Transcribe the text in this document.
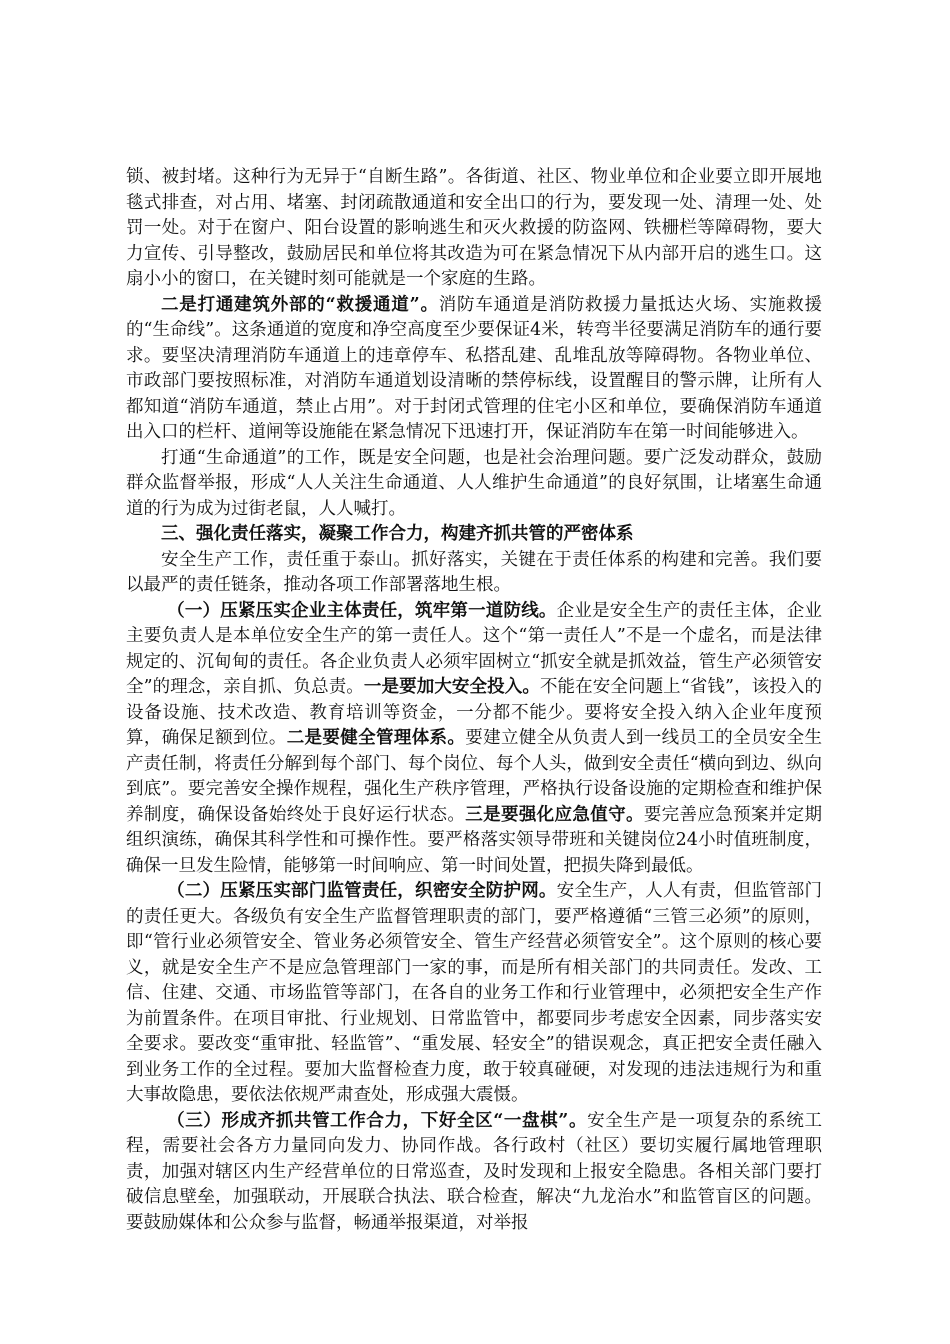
锁、被封堵。这种行为无异于“自断生路”。各街道、社区、物业单位和企业要立即开展地毯式排查，对占用、堵塞、封闭疏散通道和安全出口的行为，要发现一处、清理一处、处罚一处。对于在窗户、阳台设置的影响逃生和灭火救援的防盗网、铁栅栏等障碍物，要大力宣传、引导整改，鼓励居民和单位将其改造为可在紧急情况下从内部开启的逃生口。这扇小小的窗口，在关键时刻可能就是一个家庭的生路。

二是打通建筑外部的“救援通道”。消防车通道是消防救援力量抵达火场、实施救援的“生命线”。这条通道的宽度和净空高度至少要保证4米，转弯半径要满足消防车的通行要求。要坚决清理消防车通道上的违章停车、私搭乱建、乱堆乱放等障碍物。各物业单位、市政部门要按照标准，对消防车通道划设清晰的禁停标线，设置醒目的警示牌，让所有人都知道“消防车通道，禁止占用”。对于封闭式管理的住宅小区和单位，要确保消防车通道出入口的栏杆、道闸等设施能在紧急情况下迅速打开，保证消防车在第一时间能够进入。

打通“生命通道”的工作，既是安全问题，也是社会治理问题。要广泛发动群众，鼓励群众监督举报，形成“人人关注生命通道、人人维护生命通道”的良好氛围，让堵塞生命通道的行为成为过街老鼠，人人喊打。

三、强化责任落实，凝聚工作合力，构建齐抓共管的严密体系

安全生产工作，责任重于泰山。抓好落实，关键在于责任体系的构建和完善。我们要以最严的责任链条，推动各项工作部署落地生根。

（一）压紧压实企业主体责任，筑牢第一道防线。企业是安全生产的责任主体，企业主要负责人是本单位安全生产的第一责任人。这个“第一责任人”不是一个虚名，而是法律规定的、沉甸甸的责任。各企业负责人必须牢固树立“抓安全就是抓效益，管生产必须管安全”的理念，亲自抓、负总责。一是要加大安全投入。不能在安全问题上“省钱”，该投入的设备设施、技术改造、教育培训等资金，一分都不能少。要将安全投入纳入企业年度预算，确保足额到位。二是要健全管理体系。要建立健全从负责人到一线员工的全员安全生产责任制，将责任分解到每个部门、每个岗位、每个人头，做到安全责任“横向到边、纵向到底”。要完善安全操作规程，强化生产秩序管理，严格执行设备设施的定期检查和维护保养制度，确保设备始终处于良好运行状态。三是要强化应急值守。要完善应急预案并定期组织演练，确保其科学性和可操作性。要严格落实领导带班和关键岗位24小时值班制度，确保一旦发生险情，能够第一时间响应、第一时间处置，把损失降到最低。

（二）压紧压实部门监管责任，织密安全防护网。安全生产，人人有责，但监管部门的责任更大。各级负有安全生产监督管理职责的部门，要严格遵循“三管三必须”的原则，即“管行业必须管安全、管业务必须管安全、管生产经营必须管安全”。这个原则的核心要义，就是安全生产不是应急管理部门一家的事，而是所有相关部门的共同责任。发改、工信、住建、交通、市场监管等部门，在各自的业务工作和行业管理中，必须把安全生产作为前置条件。在项目审批、行业规划、日常监管中，都要同步考虑安全因素，同步落实安全要求。要改变“重审批、轻监管”、“重发展、轻安全”的错误观念，真正把安全责任融入到业务工作的全过程。要加大监督检查力度，敢于较真碰硬，对发现的违法违规行为和重大事故隐患，要依法依规严肃查处，形成强大震慑。

（三）形成齐抓共管工作合力，下好全区“一盘棋”。安全生产是一项复杂的系统工程，需要社会各方力量同向发力、协同作战。各行政村（社区）要切实履行属地管理职责，加强对辖区内生产经营单位的日常巡查，及时发现和上报安全隐患。各相关部门要打破信息壁垒，加强联动，开展联合执法、联合检查，解决“九龙治水”和监管盲区的问题。要鼓励媒体和公众参与监督，畅通举报渠道，对举报
